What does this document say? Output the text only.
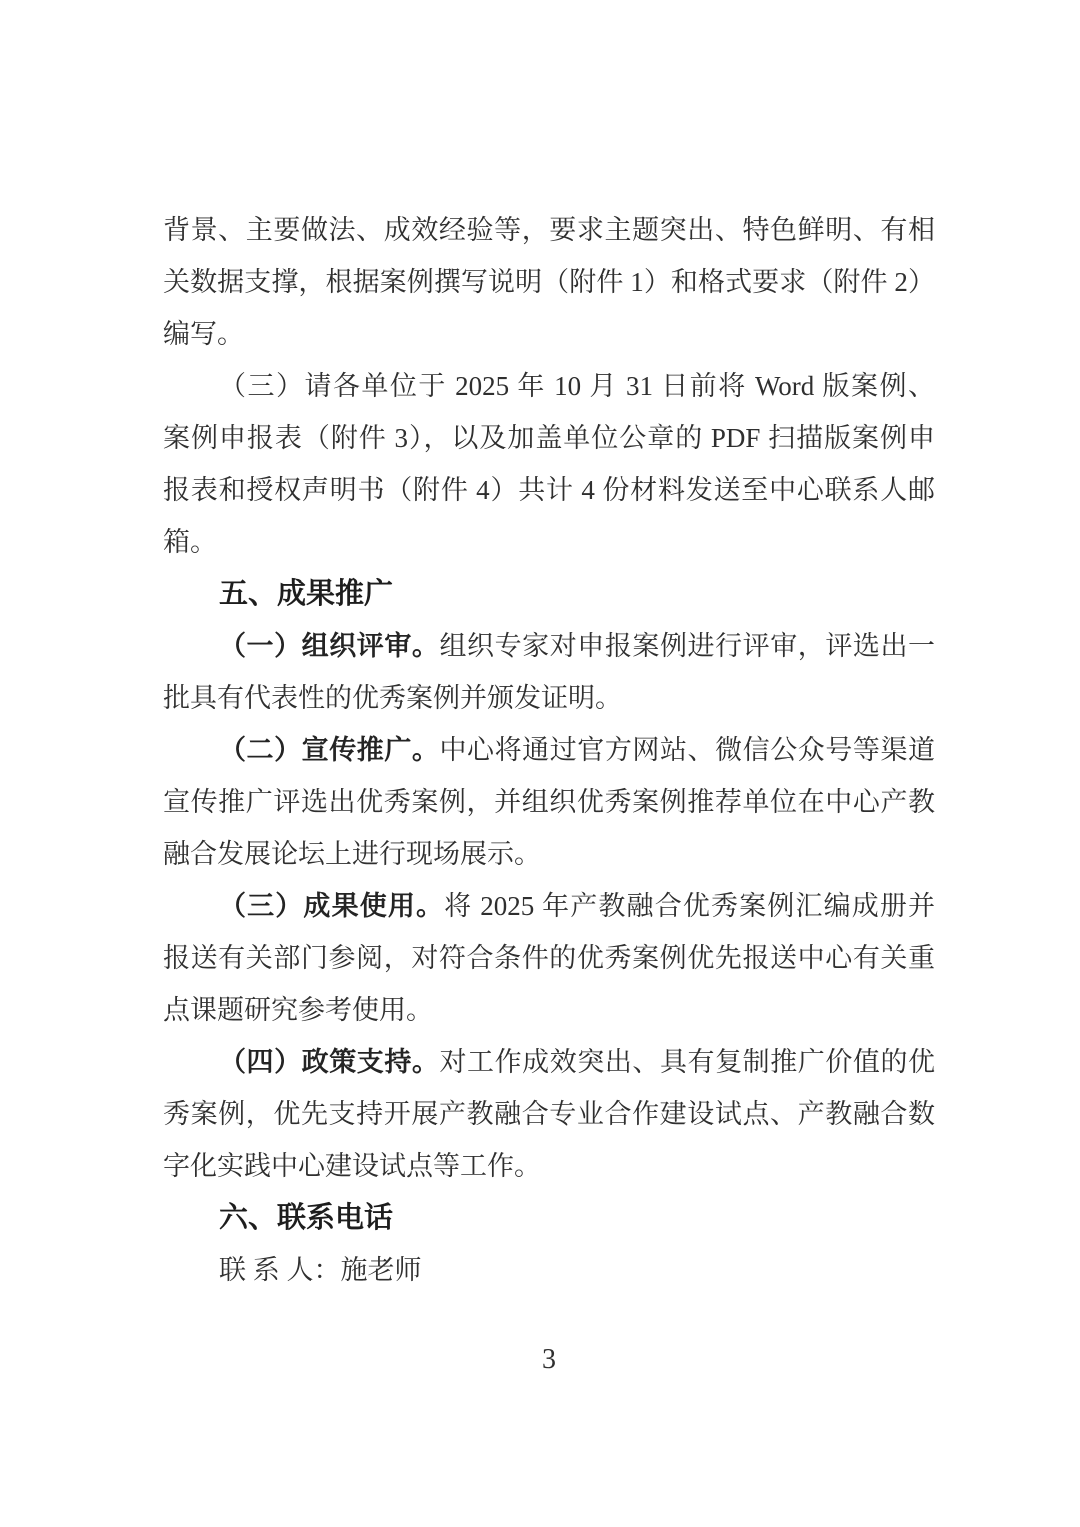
背景、主要做法、成效经验等，要求主题突出、特色鲜明、有相
关数据支撑，根据案例撰写说明（附件 1）和格式要求（附件 2）
编写。
（三）请各单位于 2025 年 10 月 31 日前将 Word 版案例、
案例申报表（附件 3），以及加盖单位公章的 PDF 扫描版案例申
报表和授权声明书（附件 4）共计 4 份材料发送至中心联系人邮
箱。
五、成果推广
（一）组织评审。组织专家对申报案例进行评审，评选出一
批具有代表性的优秀案例并颁发证明。
（二）宣传推广。中心将通过官方网站、微信公众号等渠道
宣传推广评选出优秀案例，并组织优秀案例推荐单位在中心产教
融合发展论坛上进行现场展示。
（三）成果使用。将 2025 年产教融合优秀案例汇编成册并
报送有关部门参阅，对符合条件的优秀案例优先报送中心有关重
点课题研究参考使用。
（四）政策支持。对工作成效突出、具有复制推广价值的优
秀案例，优先支持开展产教融合专业合作建设试点、产教融合数
字化实践中心建设试点等工作。
六、联系电话
联 系 人：施老师
3
